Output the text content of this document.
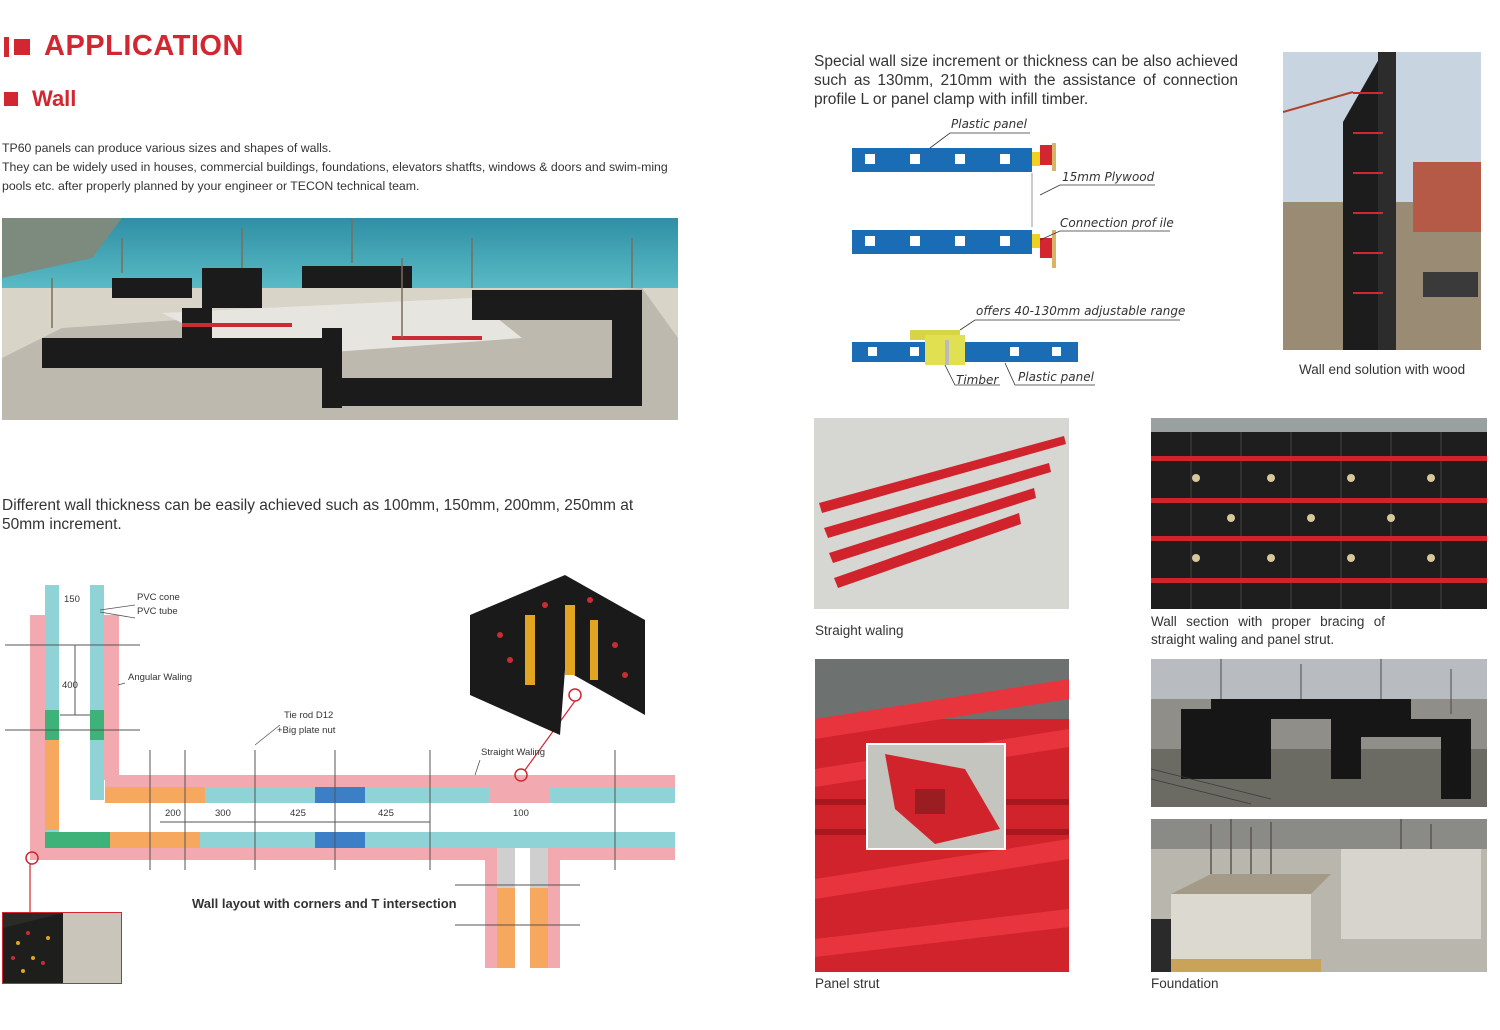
APPLICATION
Wall

TP60 panels can produce various sizes and shapes of walls.

They can be widely used in houses, commercial buildings, foundations, elevators shatfts, windows & doors and swim-ming pools etc. after properly planned by your engineer or TECON technical team.

Different wall thickness can be easily achieved such as 100mm, 150mm, 200mm, 250mm at 50mm increment.
150
400
200	300	425	425	100
PVC cone
PVC tube
Angular Waling
Tie rod D12
+Big plate nut
Straight Waling
Wall layout with corners and T intersection
Special wall size increment or thickness can be also achieved such as 130mm, 210mm with the assistance of connection profile L or panel clamp with infill timber.
Plastic panel
15mm Plywood
Connection prof ile
offers 40-130mm adjustable range
Timber Plastic panel	Wall end solution with wood
Straight waling
Wall section with proper bracing of straight waling and panel strut.
Panel strut	Foundation
